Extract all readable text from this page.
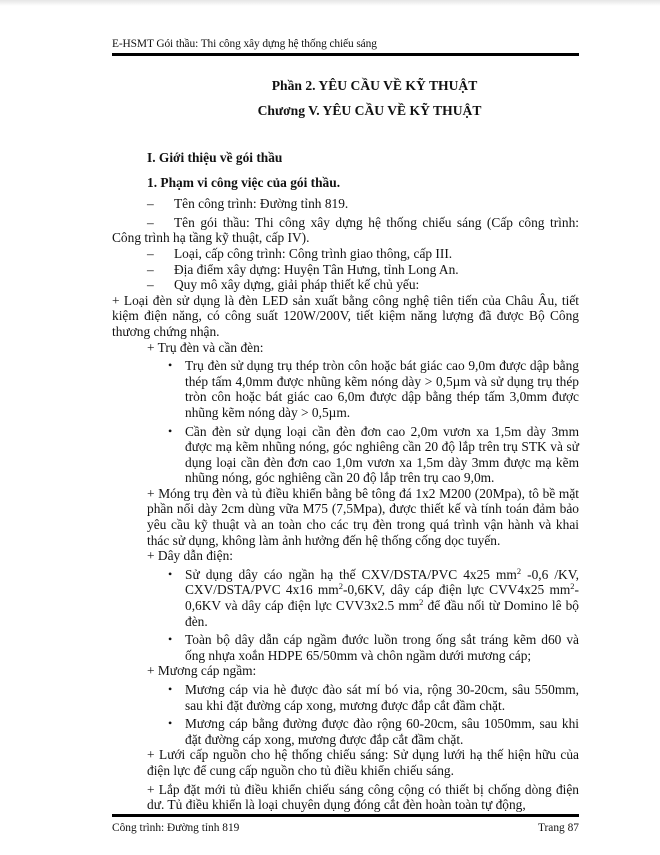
E-HSMT Gói thầu: Thi công xây dựng hệ thống chiếu sáng
Phần 2. YÊU CẦU VỀ KỸ THUẬT
Chương V. YÊU CẦU VỀ KỸ THUẬT
I. Giới thiệu về gói thầu
1. Phạm vi công việc của gói thầu.
–	Tên công trình: Đường tỉnh 819.
– Tên gói thầu: Thi công xây dựng hệ thống chiếu sáng (Cấp công trình: Công trình hạ tầng kỹ thuật, cấp IV).
–	Loại, cấp công trình: Công trình giao thông, cấp III.
–	Địa điểm xây dựng: Huyện Tân Hưng, tỉnh Long An.
–	Quy mô xây dựng, giải pháp thiết kế chủ yếu:
+ Loại đèn sử dụng là đèn LED sản xuất bằng công nghệ tiên tiến của Châu Âu, tiết kiệm điện năng, có công suất 120W/200V, tiết kiệm năng lượng đã được Bộ Công thương chứng nhận.
+ Trụ đèn và cần đèn:
• Trụ đèn sử dụng trụ thép tròn côn hoặc bát giác cao 9,0m được dập bằng thép tấm 4,0mm được nhũng kẽm nóng dày > 0,5µm và sử dụng trụ thép tròn côn hoặc bát giác cao 6,0m được dập bằng thép tấm 3,0mm được nhũng kẽm nóng dày > 0,5µm.
• Cần đèn sử dụng loại cần đèn đơn cao 2,0m vươn xa 1,5m dày 3mm được mạ kẽm nhũng nóng, góc nghiêng cần 20 độ lắp trên trụ STK và sử dụng loại cần đèn đơn cao 1,0m vươn xa 1,5m dày 3mm được mạ kẽm nhũng nóng, góc nghiêng cần 20 độ lắp trên trụ cao 9,0m.
+ Móng trụ đèn và tủ điều khiển bằng bê tông đá 1x2 M200 (20Mpa), tô bề mặt phần nổi dày 2cm dùng vữa M75 (7,5Mpa), được thiết kế và tính toán đảm bảo yêu cầu kỹ thuật và an toàn cho các trụ đèn trong quá trình vận hành và khai thác sử dụng, không làm ảnh hưởng đến hệ thống cống dọc tuyến.
+ Dây dẫn điện:
• Sử dụng dây cáo ngần hạ thế CXV/DSTA/PVC 4x25 $mm^2$ -0,6 /KV, CXV/DSTA/PVC 4x16 $mm^2-0,6KV$, dây cáp điện lực CVV4x25 $mm^2-0,6KV$ và dây cáp điện lực CVV3x2.5 $mm^2$ để đầu nối từ Domino lê bộ đèn.
• Toàn bộ dây dẫn cáp ngầm đước luồn trong ống sắt tráng kẽm d60 và ống nhựa xoắn HDPE 65/50mm và chôn ngầm dưới mương cáp;
+ Mương cáp ngầm:
• Mương cáp via hè được đào sát mí bó via, rộng 30-20cm, sâu 550mm, sau khi đặt đường cáp xong, mương được đắp cắt đầm chặt.
• Mương cáp bằng đường được đào rộng 60-20cm, sâu 1050mm, sau khi đặt đường cáp xong, mương được đắp cắt đầm chặt.
+ Lưới cấp nguồn cho hệ thống chiếu sáng: Sử dụng lưới hạ thế hiện hữu của điện lực để cung cấp nguồn cho tủ điều khiển chiếu sáng.
+ Lắp đặt mới tủ điều khiển chiếu sáng công cộng có thiết bị chống dòng điện dư. Tủ điều khiển là loại chuyên dụng đóng cắt đèn hoàn toàn tự động,
Công trình: Đường tỉnh 819	Trang 87
